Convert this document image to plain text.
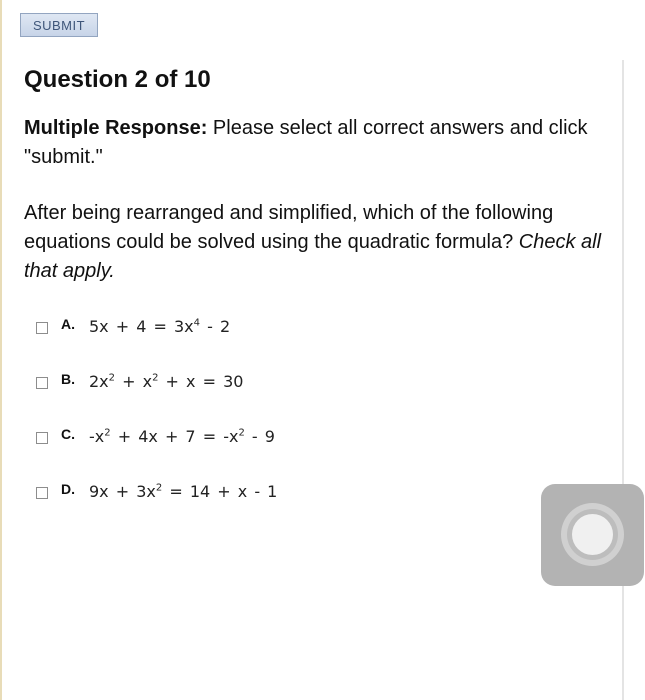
SUBMIT
Question 2 of 10
Multiple Response: Please select all correct answers and click "submit."
After being rearranged and simplified, which of the following equations could be solved using the quadratic formula? Check all that apply.
A. $5x + 4 = 3x^4 - 2$
B. $2x^2 + x^2 + x = 30$
C. $-x^2 + 4x + 7 = -x^2 - 9$
D. $9x + 3x^2 = 14 + x - 1$
